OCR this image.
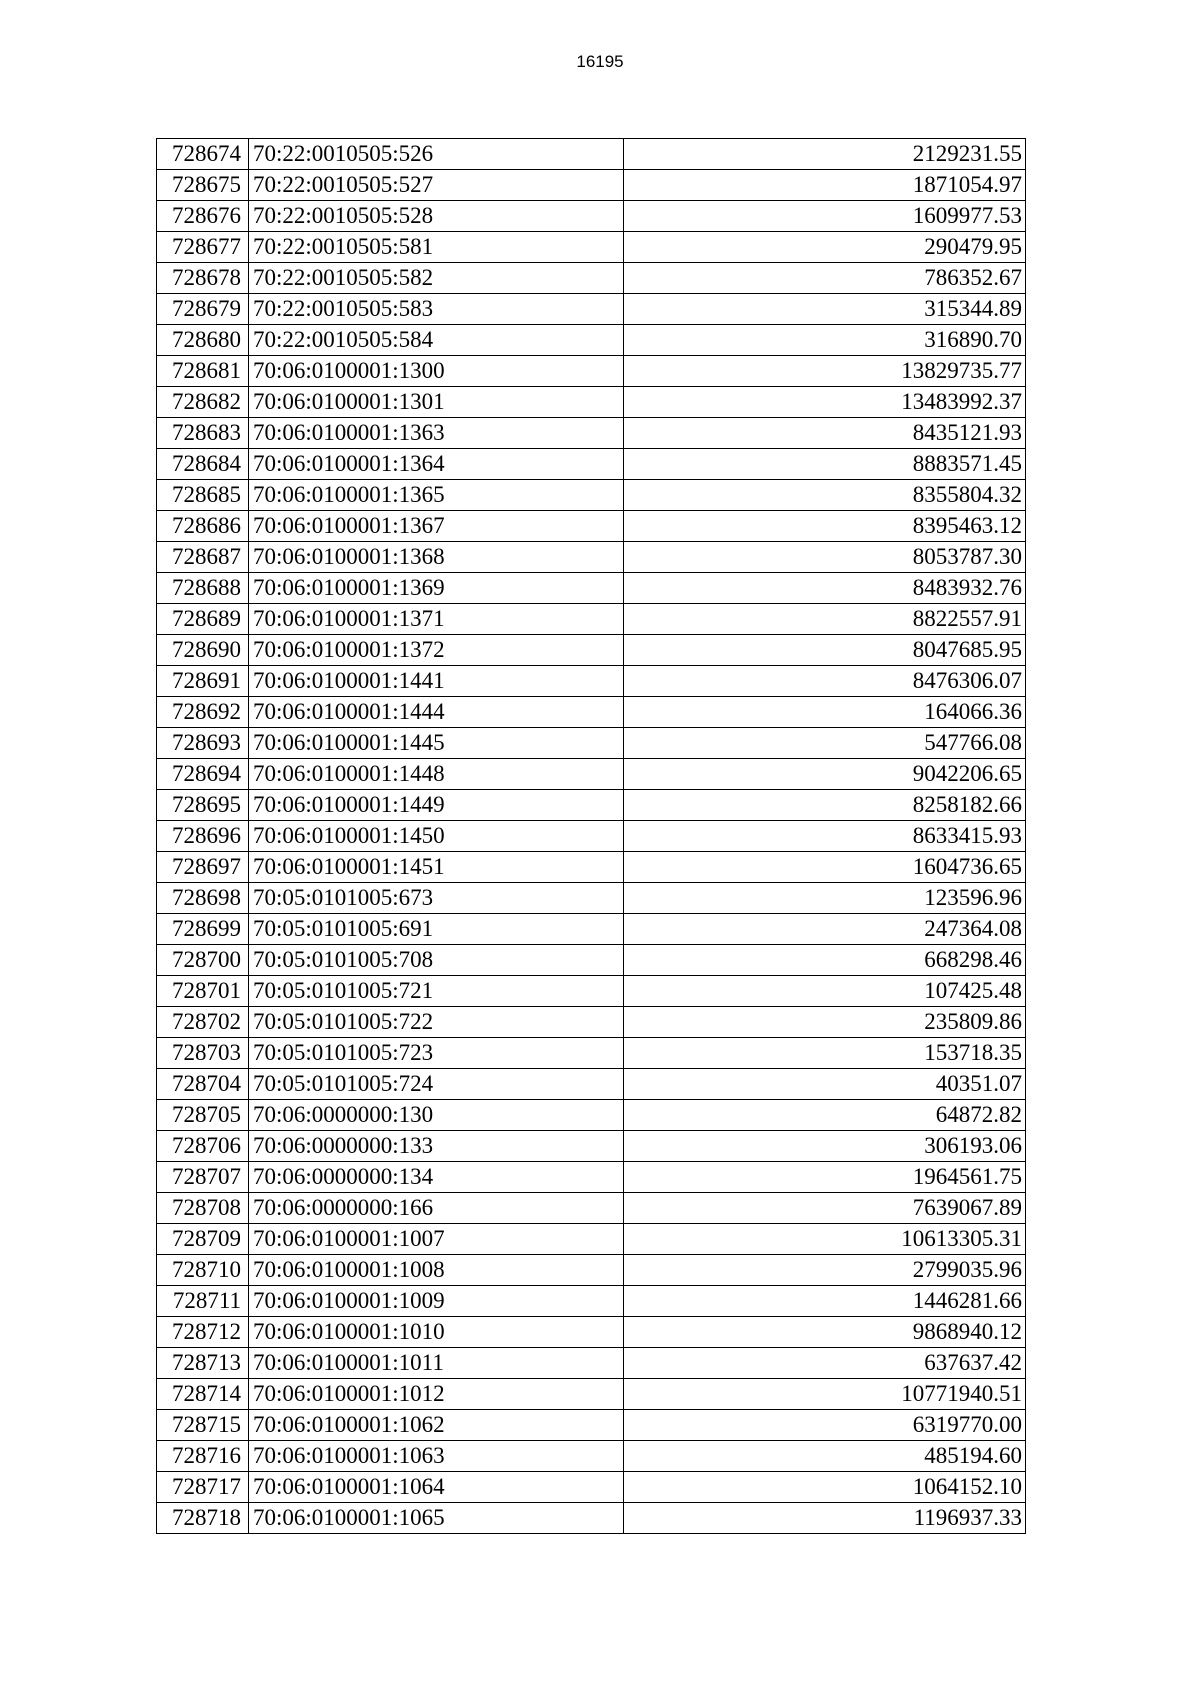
16195
728674	70:22:0010505:526	2129231.55
728675	70:22:0010505:527	1871054.97
728676	70:22:0010505:528	1609977.53
728677	70:22:0010505:581	290479.95
728678	70:22:0010505:582	786352.67
728679	70:22:0010505:583	315344.89
728680	70:22:0010505:584	316890.70
728681	70:06:0100001:1300	13829735.77
728682	70:06:0100001:1301	13483992.37
728683	70:06:0100001:1363	8435121.93
728684	70:06:0100001:1364	8883571.45
728685	70:06:0100001:1365	8355804.32
728686	70:06:0100001:1367	8395463.12
728687	70:06:0100001:1368	8053787.30
728688	70:06:0100001:1369	8483932.76
728689	70:06:0100001:1371	8822557.91
728690	70:06:0100001:1372	8047685.95
728691	70:06:0100001:1441	8476306.07
728692	70:06:0100001:1444	164066.36
728693	70:06:0100001:1445	547766.08
728694	70:06:0100001:1448	9042206.65
728695	70:06:0100001:1449	8258182.66
728696	70:06:0100001:1450	8633415.93
728697	70:06:0100001:1451	1604736.65
728698	70:05:0101005:673	123596.96
728699	70:05:0101005:691	247364.08
728700	70:05:0101005:708	668298.46
728701	70:05:0101005:721	107425.48
728702	70:05:0101005:722	235809.86
728703	70:05:0101005:723	153718.35
728704	70:05:0101005:724	40351.07
728705	70:06:0000000:130	64872.82
728706	70:06:0000000:133	306193.06
728707	70:06:0000000:134	1964561.75
728708	70:06:0000000:166	7639067.89
728709	70:06:0100001:1007	10613305.31
728710	70:06:0100001:1008	2799035.96
728711	70:06:0100001:1009	1446281.66
728712	70:06:0100001:1010	9868940.12
728713	70:06:0100001:1011	637637.42
728714	70:06:0100001:1012	10771940.51
728715	70:06:0100001:1062	6319770.00
728716	70:06:0100001:1063	485194.60
728717	70:06:0100001:1064	1064152.10
728718	70:06:0100001:1065	1196937.33
